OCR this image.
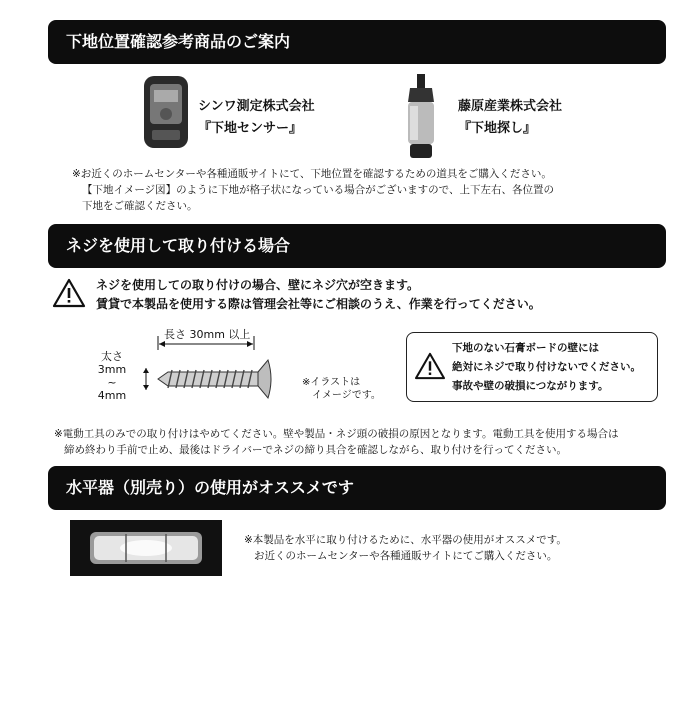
下地位置確認参考商品のご案内
シンワ測定株式会社
『下地センサー』
藤原産業株式会社
『下地探し』
※お近くのホームセンターや各種通販サイトにて、下地位置を確認するための道具をご購入ください。
【下地イメージ図】のように下地が格子状になっている場合がございますので、上下左右、各位置の
下地をご確認ください。
ネジを使用して取り付ける場合
ネジを使用しての取り付けの場合、壁にネジ穴が空きます。
賃貸で本製品を使用する際は管理会社等にご相談のうえ、作業を行ってください。
長さ 30mm 以上
太さ
3mm
~
4mm
※イラストは
イメージです。
下地のない石膏ボードの壁には
絶対にネジで取り付けないでください。
事故や壁の破損につながります。
※電動工具のみでの取り付けはやめてください。壁や製品・ネジ頭の破損の原因となります。電動工具を使用する場合は
締め終わり手前で止め、最後はドライバーでネジの締り具合を確認しながら、取り付けを行ってください。
水平器（別売り）の使用がオススメです
※本製品を水平に取り付けるために、水平器の使用がオススメです。
お近くのホームセンターや各種通販サイトにてご購入ください。
